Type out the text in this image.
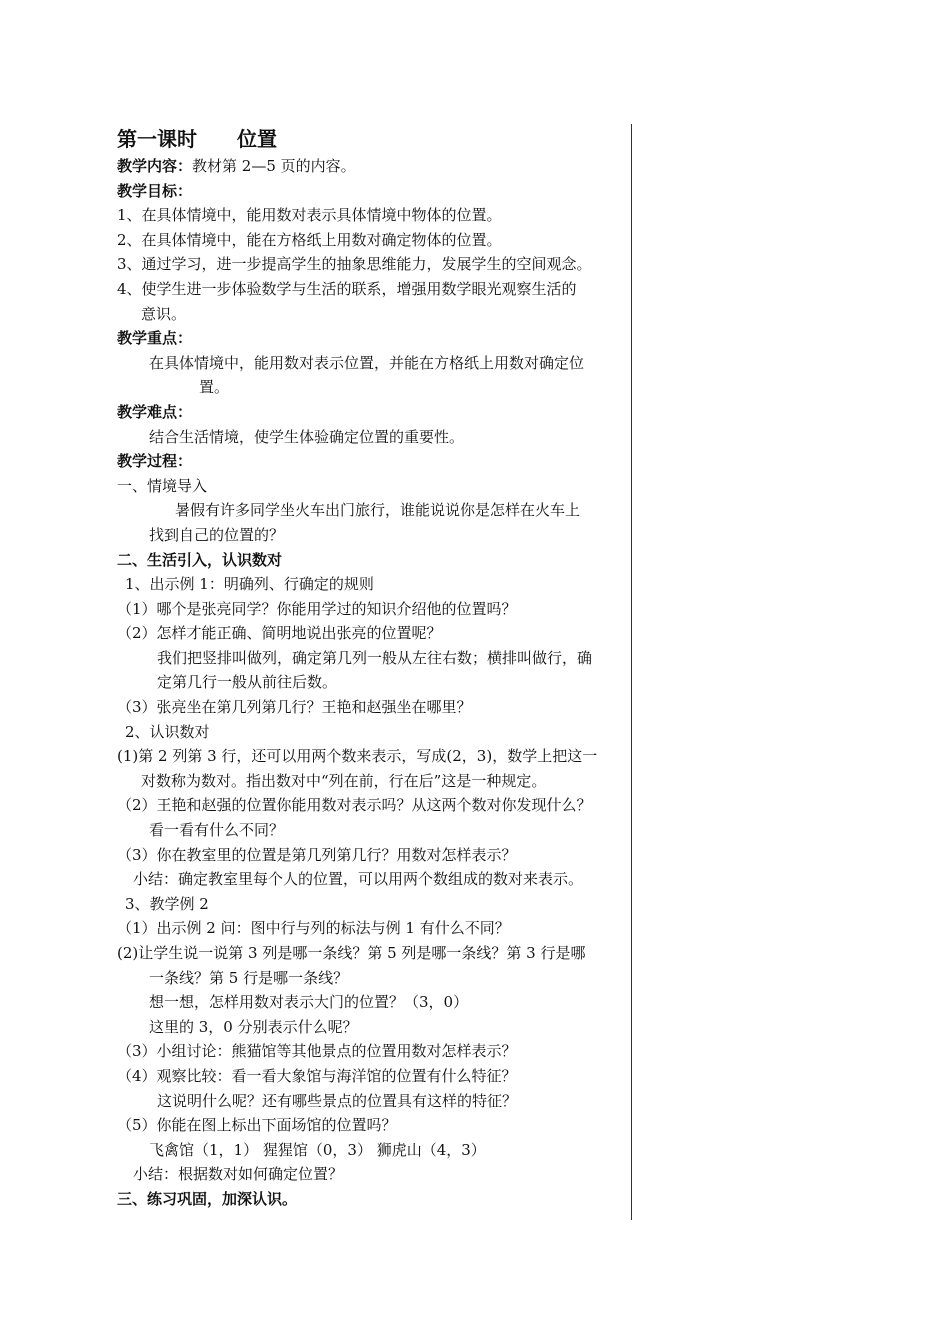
第一课时 位置
教学内容：教材第 2—5 页的内容。
教学目标：
1、在具体情境中，能用数对表示具体情境中物体的位置。
2、在具体情境中，能在方格纸上用数对确定物体的位置。
3、通过学习，进一步提高学生的抽象思维能力，发展学生的空间观念。
4、使学生进一步体验数学与生活的联系，增强用数学眼光观察生活的
意识。
教学重点：
在具体情境中，能用数对表示位置，并能在方格纸上用数对确定位
置。
教学难点：
结合生活情境，使学生体验确定位置的重要性。
教学过程：
一、情境导入
暑假有许多同学坐火车出门旅行，谁能说说你是怎样在火车上
找到自己的位置的？
二、生活引入，认识数对
1、出示例 1：明确列、行确定的规则
（1）哪个是张亮同学？你能用学过的知识介绍他的位置吗？
（2）怎样才能正确、简明地说出张亮的位置呢？
我们把竖排叫做列，确定第几列一般从左往右数；横排叫做行，确
定第几行一般从前往后数。
（3）张亮坐在第几列第几行？王艳和赵强坐在哪里？
2、认识数对
(1)第 2 列第 3 行，还可以用两个数来表示，写成(2，3)，数学上把这一
对数称为数对。指出数对中“列在前，行在后”这是一种规定。
（2）王艳和赵强的位置你能用数对表示吗？从这两个数对你发现什么？
看一看有什么不同？
（3）你在教室里的位置是第几列第几行？用数对怎样表示？
小结：确定教室里每个人的位置，可以用两个数组成的数对来表示。
3、教学例 2
（1）出示例 2 问：图中行与列的标法与例 1 有什么不同？
(2)让学生说一说第 3 列是哪一条线？第 5 列是哪一条线？第 3 行是哪
一条线？第 5 行是哪一条线？
想一想，怎样用数对表示大门的位置？（3，0）
这里的 3，0 分别表示什么呢？
（3）小组讨论：熊猫馆等其他景点的位置用数对怎样表示？
（4）观察比较：看一看大象馆与海洋馆的位置有什么特征？
这说明什么呢？还有哪些景点的位置具有这样的特征？
（5）你能在图上标出下面场馆的位置吗？
飞禽馆（1，1） 猩猩馆（0，3） 狮虎山（4，3）
小结：根据数对如何确定位置？
三、练习巩固，加深认识。
